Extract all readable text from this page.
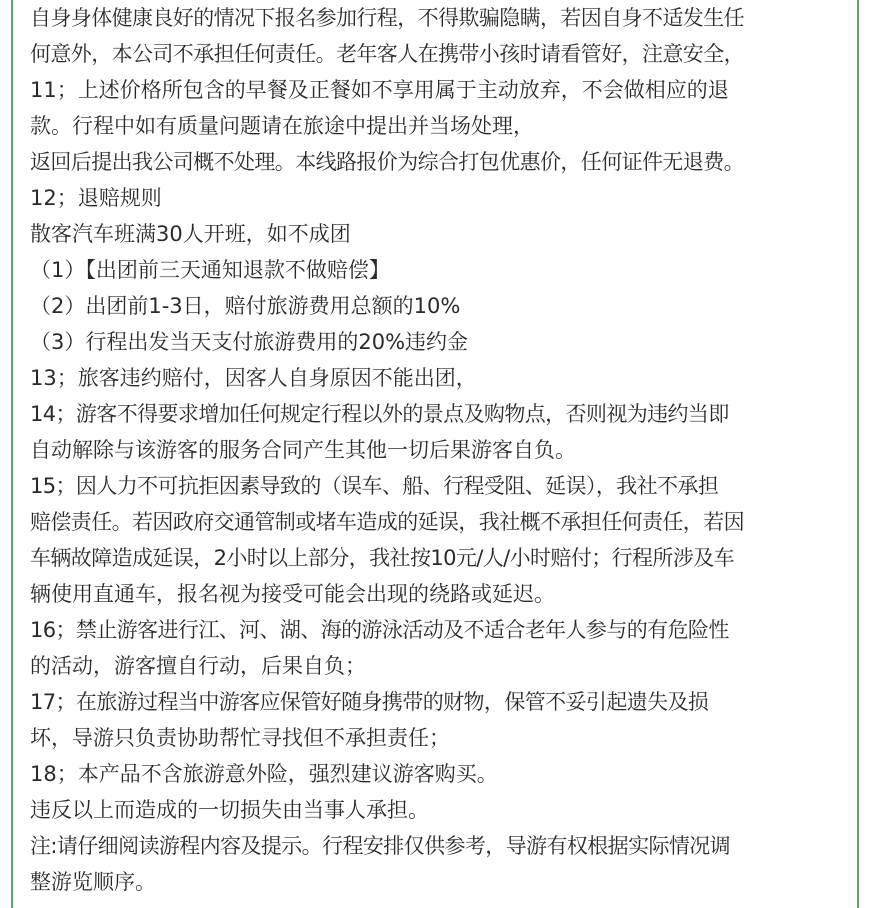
自身身体健康良好的情况下报名参加行程，不得欺骗隐瞒，若因自身不适发生任
何意外，本公司不承担任何责任。老年客人在携带小孩时请看管好，注意安全，
11；上述价格所包含的早餐及正餐如不享用属于主动放弃，不会做相应的退
款。行程中如有质量问题请在旅途中提出并当场处理，
返回后提出我公司概不处理。本线路报价为综合打包优惠价，任何证件无退费。
12；退赔规则
散客汽车班满30人开班，如不成团
（1）【出团前三天通知退款不做赔偿】
（2）出团前1-3日，赔付旅游费用总额的10%
（3）行程出发当天支付旅游费用的20%违约金
13；旅客违约赔付，因客人自身原因不能出团，
14；游客不得要求增加任何规定行程以外的景点及购物点，否则视为违约当即
自动解除与该游客的服务合同产生其他一切后果游客自负。
15；因人力不可抗拒因素导致的（误车、船、行程受阻、延误），我社不承担
赔偿责任。若因政府交通管制或堵车造成的延误，我社概不承担任何责任，若因
车辆故障造成延误，2小时以上部分，我社按10元/人/小时赔付；行程所涉及车
辆使用直通车，报名视为接受可能会出现的绕路或延迟。
16；禁止游客进行江、河、湖、海的游泳活动及不适合老年人参与的有危险性
的活动，游客擅自行动，后果自负；
17；在旅游过程当中游客应保管好随身携带的财物，保管不妥引起遗失及损
坏，导游只负责协助帮忙寻找但不承担责任；
18；本产品不含旅游意外险，强烈建议游客购买。
违反以上而造成的一切损失由当事人承担。
注:请仔细阅读游程内容及提示。行程安排仅供参考，导游有权根据实际情况调
整游览顺序。
